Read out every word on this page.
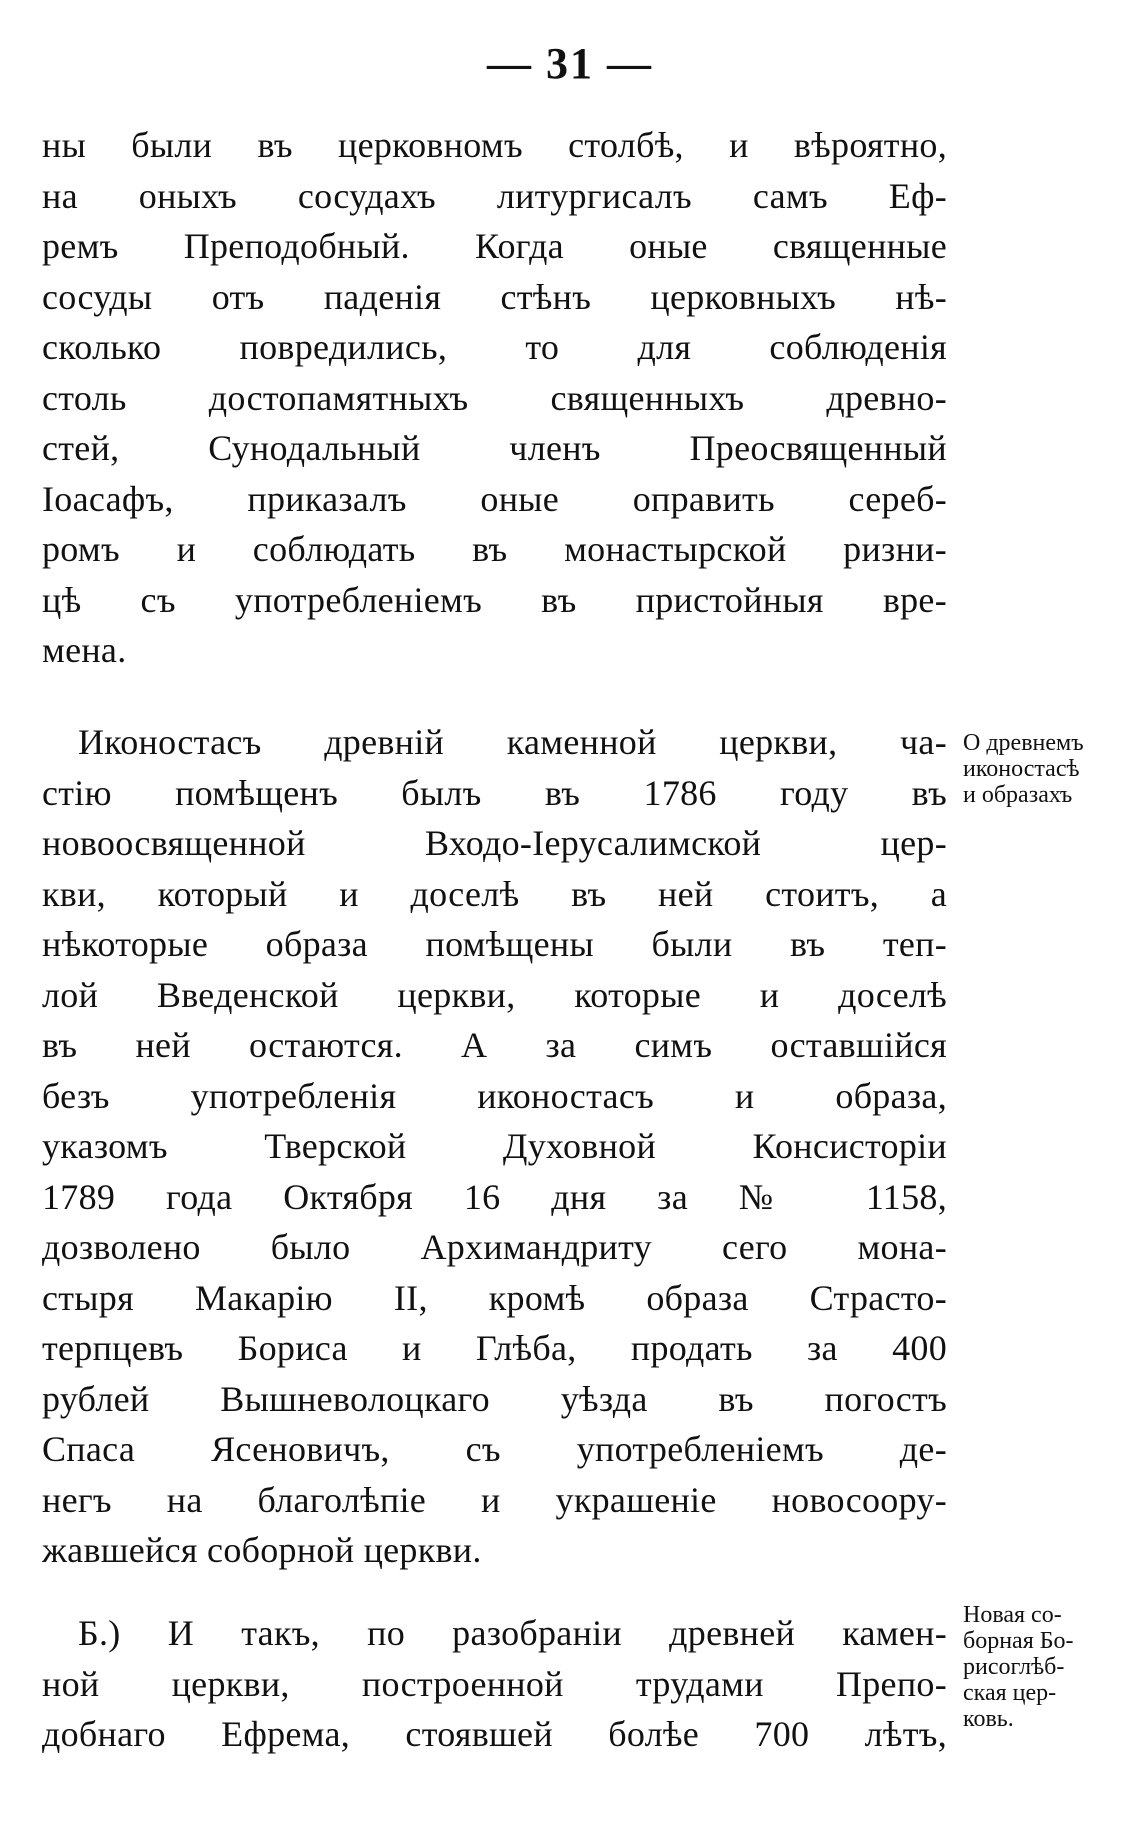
— 31 —
ны были въ церковномъ столбѣ, и вѣроятно,
на оныхъ сосудахъ литургисалъ самъ Еф-
ремъ Преподобный. Когда оные священные
сосуды отъ паденія стѣнъ церковныхъ нѣ-
сколько повредились, то для соблюденія
столь достопамятныхъ священныхъ древно-
стей, Сунодальный членъ Преосвященный
Іоасафъ, приказалъ оные оправить сереб-
ромъ и соблюдать въ монастырской ризни-
цѣ съ употребленіемъ въ пристойныя вре-
мена.
Иконостасъ древній каменной церкви, ча-
стію помѣщенъ былъ въ 1786 году въ
новоосвященной Входо-Іерусалимской цер-
кви, который и доселѣ въ ней стоитъ, а
нѣкоторые образа помѣщены были въ теп-
лой Введенской церкви, которые и доселѣ
въ ней остаются. А за симъ оставшійся
безъ употребленія иконостасъ и образа,
указомъ Тверской Духовной Консисторіи
1789 года Октября 16 дня за № 1158,
дозволено было Архимандриту сего мона-
стыря Макарію II, кромѣ образа Страсто-
терпцевъ Бориса и Глѣба, продать за 400
рублей Вышневолоцкаго уѣзда въ погостъ
Спаса Ясеновичъ, съ употребленіемъ де-
негъ на благолѣпіе и украшеніе новосоору-
жавшейся соборной церкви.
Б.) И такъ, по разобраніи древней камен-
ной церкви, построенной трудами Препо-
добнаго Ефрема, стоявшей болѣе 700 лѣтъ,
О древнемъ
иконостасѣ
и образахъ
Новая со-
борная Бо-
рисоглѣб-
ская цер-
ковь.
